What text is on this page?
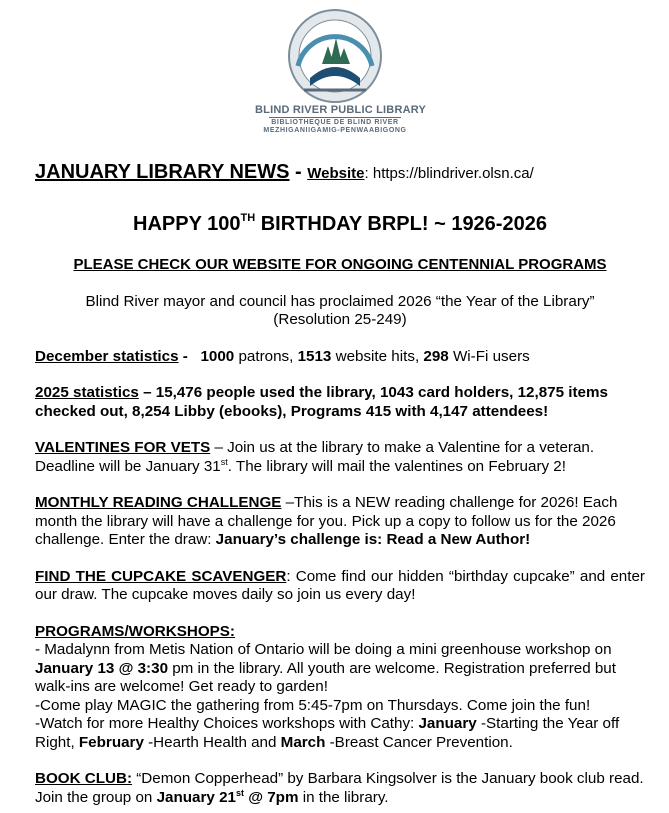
BLIND RIVER PUBLIC LIBRARY
BIBLIOTHEQUE DE BLIND RIVER
MEZHIGANIIGAMIG-PENWAABIGONG
JANUARY LIBRARY NEWS - Website: https://blindriver.olsn.ca/
HAPPY 100TH BIRTHDAY BRPL! ~ 1926-2026
PLEASE CHECK OUR WEBSITE FOR ONGOING CENTENNIAL PROGRAMS
Blind River mayor and council has proclaimed 2026 “the Year of the Library”
(Resolution 25-249)
December statistics -   1000 patrons, 1513 website hits, 298 Wi-Fi users
2025 statistics – 15,476 people used the library, 1043 card holders, 12,875 items checked out, 8,254 Libby (ebooks), Programs 415 with 4,147 attendees!
VALENTINES FOR VETS – Join us at the library to make a Valentine for a veteran. Deadline will be January 31st. The library will mail the valentines on February 2!
MONTHLY READING CHALLENGE –This is a NEW reading challenge for 2026! Each month the library will have a challenge for you. Pick up a copy to follow us for the 2026 challenge. Enter the draw: January’s challenge is: Read a New Author!
FIND THE CUPCAKE SCAVENGER: Come find our hidden “birthday cupcake” and enter our draw. The cupcake moves daily so join us every day!
PROGRAMS/WORKSHOPS:
- Madalynn from Metis Nation of Ontario will be doing a mini greenhouse workshop on January 13 @ 3:30 pm in the library. All youth are welcome. Registration preferred but walk-ins are welcome! Get ready to garden!
-Come play MAGIC the gathering from 5:45-7pm on Thursdays. Come join the fun!
-Watch for more Healthy Choices workshops with Cathy: January -Starting the Year off Right, February -Hearth Health and March -Breast Cancer Prevention.
BOOK CLUB: “Demon Copperhead” by Barbara Kingsolver is the January book club read. Join the group on January 21st @ 7pm in the library.
